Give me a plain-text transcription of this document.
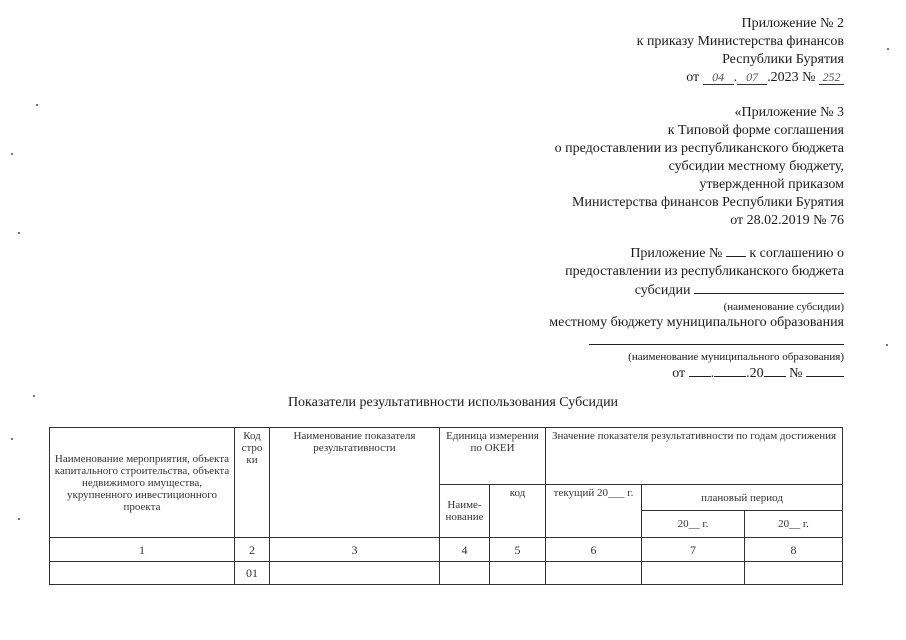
Приложение № 2
к приказу Министерства финансов
Республики Бурятия
от 04 . 07 .2023 № 252
«Приложение № 3
к Типовой форме соглашения
о предоставлении из республиканского бюджета
субсидии местному бюджету,
утвержденной приказом
Министерства финансов Республики Бурятия
от 28.02.2019 № 76
Приложение № к соглашению о
предоставлении из республиканского бюджета
субсидии
(наименование субсидии)
местному бюджету муниципального образования
(наименование муниципального образования)
от . .20 №
Показатели результативности использования Субсидии
Наименование мероприятия, объекта капитального строительства, объекта недвижимого имущества, укрупненного инвестиционного проекта	Код стро ки	Наименование показателя результативности	Единица измерения по ОКЕИ		Значение показателя результативности по годам достижения		
			Наиме- нование	код	текущий 20___ г.	плановый период	
						20__ г.	20__ г.
1	2	3	4	5	6	7	8
	01						
